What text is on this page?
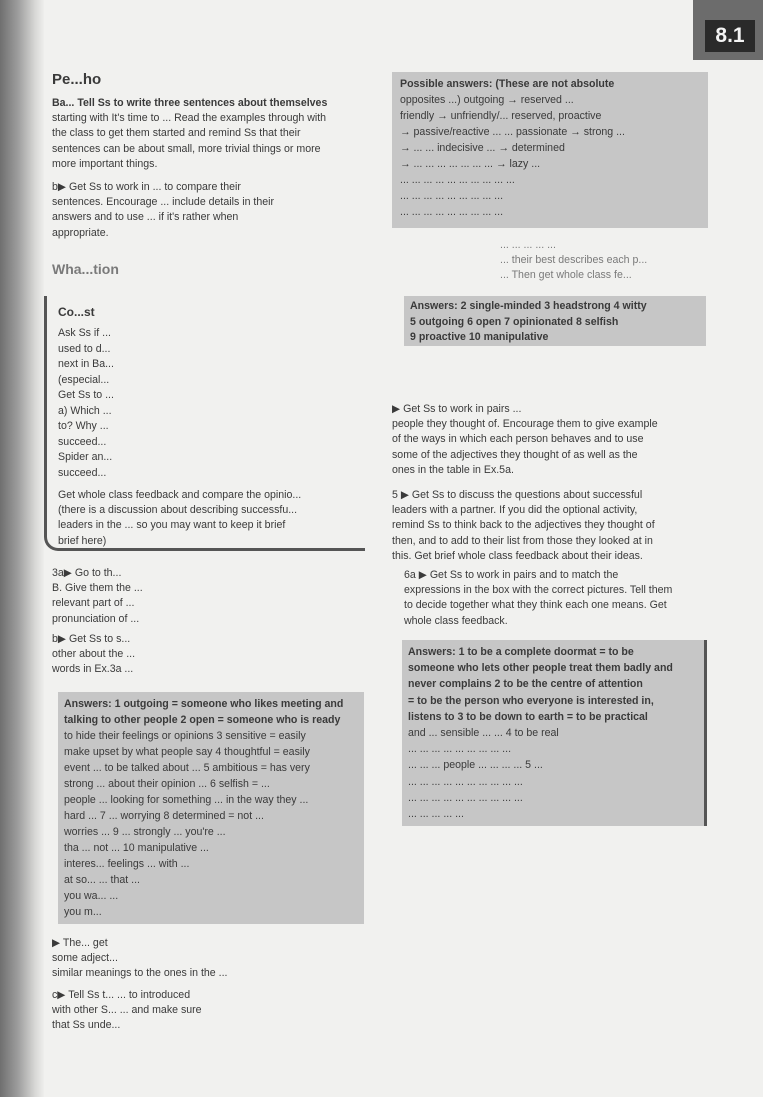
8.1
Pe...ho
Ba... Tell Ss to write three sentences about themselves
starting with It's time to ... Read the examples through with
the class to get them started and remind Ss that their
sentences can be about small, more trivial things or more
more important things.
b▶ Get Ss to work in ... to compare their
sentences. Encourage ... include details in their
answers and to use ... if it's rather when
appropriate.
Wha...tion
Co...st
Ask Ss if ...
used to d...
next in Ba...
(especial...
Get Ss to ...
a) Which ...
to? Why ...
succeed...
Spider an...
succeed...
Get whole class feedback and compare the opinio...
(there is a discussion about describing successfu...
leaders in the ... so you may want to keep it brief
brief here)
3a▶ Go to th...
B. Give them the ...
relevant part of ...
pronunciation of ...
b▶ Get Ss to s...
other about the ...
words in Ex.3a ...
Answers: 1 outgoing = someone who likes meeting and
talking to other people 2 open = someone who is ready
to hide their feelings or opinions 3 sensitive = easily
make upset by what people say 4 thoughtful = easily
event ... to be talked about ... 5 ambitious = has very
strong ... about their opinion ... 6 selfish = ...
people ... looking for something ... in the way they ...
hard ... 7 ... worrying 8 determined = not ...
worries ... 9 ... strongly ... you're ...
tha ... not ... 10 manipulative ...
interes... feelings ... with ...
at so... ... that ...
you wa... ...
you m...
▶ The... get
some adject...
similar meanings to the ones in the ...
c▶ Tell Ss t... ... to introduced
with other S... ... and make sure
that Ss unde...
Possible answers: (These are not absolute
opposites ...) outgoing → reserved ...
friendly → unfriendly/... reserved, proactive
→ passive/reactive ... ... passionate → strong ...
→ ... ... indecisive ... → determined
→ ... ... ... ... ... ... ... → lazy ...
... ... ... ... ... ... ... ... ... ...
... ... ... ... ... ... ... ... ...
... ... ... ... ... ... ... ... ...
... ... ... ... ...
... their best describes each p...
... Then get whole class fe...
Answers: 2 single-minded 3 headstrong 4 witty
5 outgoing 6 open 7 opinionated 8 selfish
9 proactive 10 manipulative
▶ Get Ss to work in pairs ...
people they thought of. Encourage them to give example
of the ways in which each person behaves and to use
some of the adjectives they thought of as well as the
ones in the table in Ex.5a.
5 ▶ Get Ss to discuss the questions about successful
leaders with a partner. If you did the optional activity,
remind Ss to think back to the adjectives they thought of
then, and to add to their list from those they looked at in
this. Get brief whole class feedback about their ideas.
6a ▶ Get Ss to work in pairs and to match the
expressions in the box with the correct pictures. Tell them
to decide together what they think each one means. Get
whole class feedback.
Answers: 1 to be a complete doormat = to be
someone who lets other people treat them badly and
never complains 2 to be the centre of attention
= to be the person who everyone is interested in,
listens to 3 to be down to earth = to be practical
and ... sensible ... ... 4 to be real
... ... ... ... ... ... ... ... ...
... ... ... people ... ... ... ... 5 ...
... ... ... ... ... ... ... ... ... ...
... ... ... ... ... ... ... ... ... ...
... ... ... ... ...
